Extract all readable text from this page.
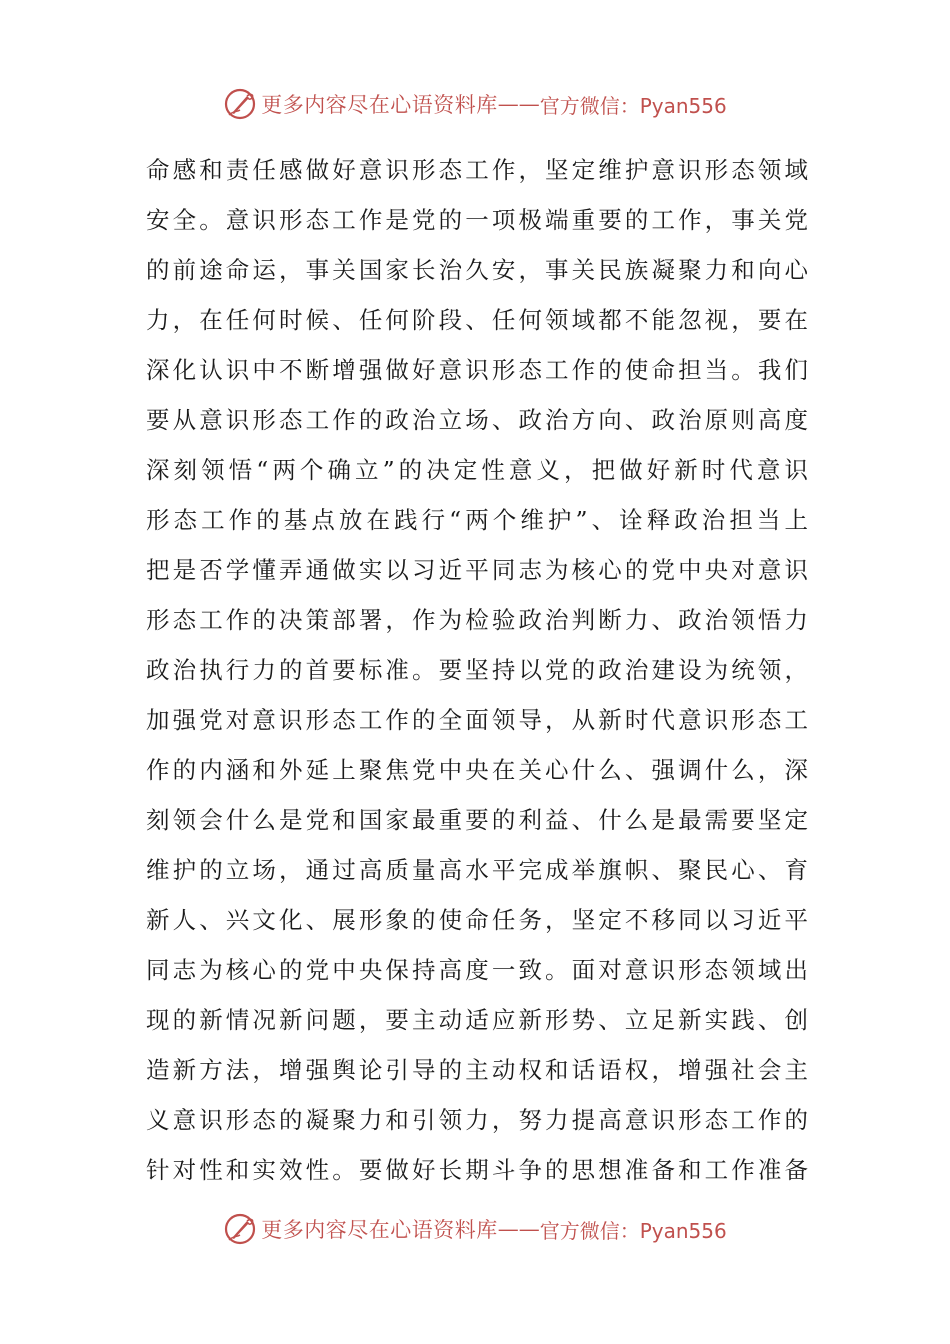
更多内容尽在心语资料库 —— 官方微信：Pyan556
命感和责任感做好意识形态工作，坚定维护意识形态领域
安全。意识形态工作是党的一项极端重要的工作，事关党
的前途命运，事关国家长治久安，事关民族凝聚力和向心
力，在任何时候、任何阶段、任何领域都不能忽视，要在
深化认识中不断增强做好意识形态工作的使命担当。我们
要从意识形态工作的政治立场、政治方向、政治原则高度
深刻领悟“两个确立”的决定性意义，把做好新时代意识
形态工作的基点放在践行“两个维护”、诠释政治担当上
把是否学懂弄通做实以习近平同志为核心的党中央对意识
形态工作的决策部署，作为检验政治判断力、政治领悟力
政治执行力的首要标准。要坚持以党的政治建设为统领，
加强党对意识形态工作的全面领导，从新时代意识形态工
作的内涵和外延上聚焦党中央在关心什么、强调什么，深
刻领会什么是党和国家最重要的利益、什么是最需要坚定
维护的立场，通过高质量高水平完成举旗帜、聚民心、育
新人、兴文化、展形象的使命任务，坚定不移同以习近平
同志为核心的党中央保持高度一致。面对意识形态领域出
现的新情况新问题，要主动适应新形势、立足新实践、创
造新方法，增强舆论引导的主动权和话语权，增强社会主
义意识形态的凝聚力和引领力，努力提高意识形态工作的
针对性和实效性。要做好长期斗争的思想准备和工作准备
更多内容尽在心语资料库 —— 官方微信：Pyan556
